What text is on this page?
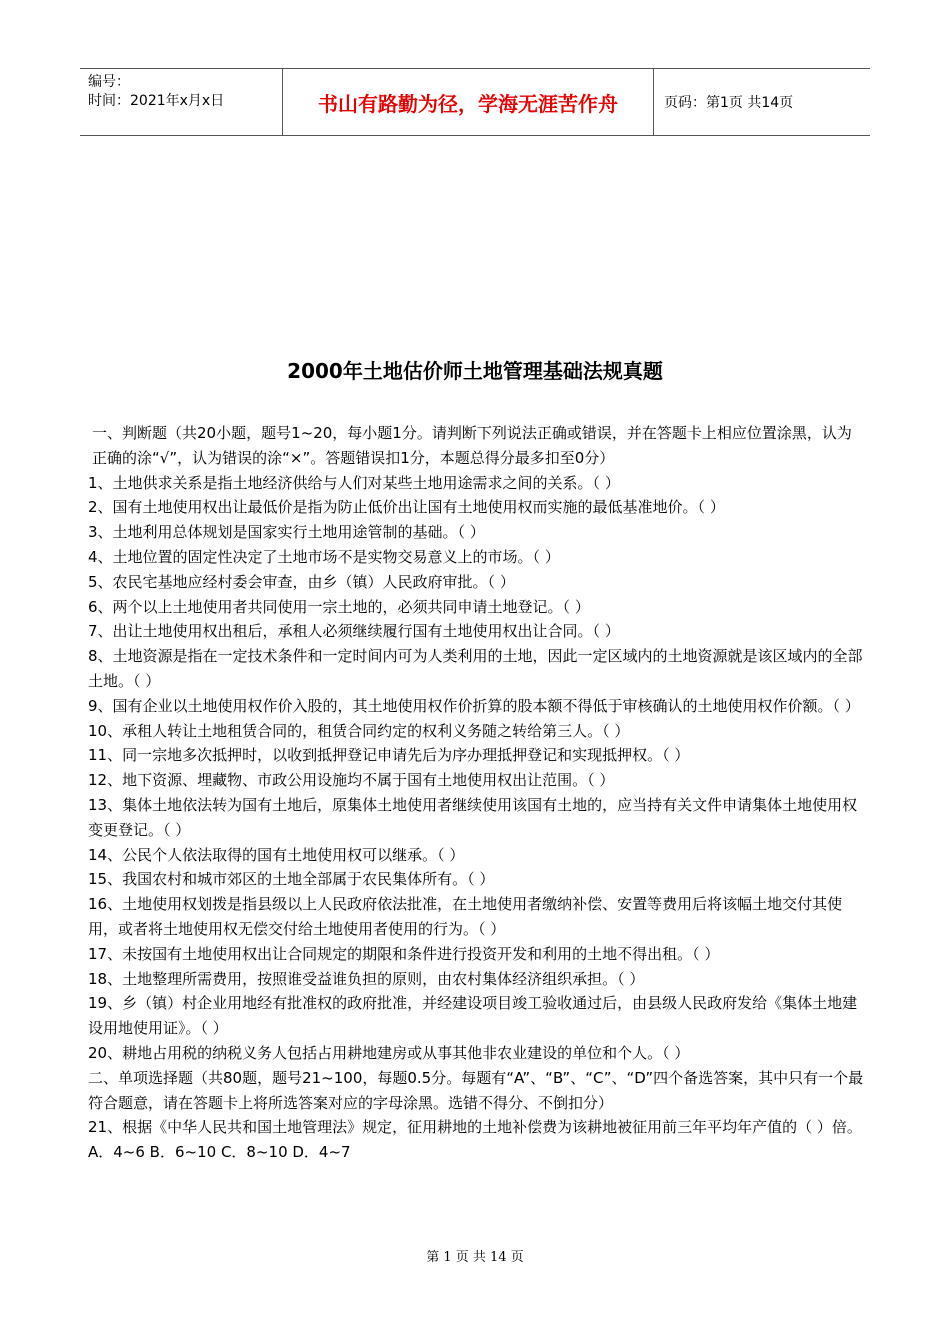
编号：
时间：2021年x月x日	书山有路勤为径，学海无涯苦作舟	页码：第1页 共14页
2000年土地估价师土地管理基础法规真题

一、判断题（共20小题，题号1~20，每小题1分。请判断下列说法正确或错误，并在答题卡上相应位置涂黑，认为正确的涂“√”，认为错误的涂“×”。答题错误扣1分，本题总得分最多扣至0分）

1、土地供求关系是指土地经济供给与人们对某些土地用途需求之间的关系。（ ）

2、国有土地使用权出让最低价是指为防止低价出让国有土地使用权而实施的最低基准地价。（ ）

3、土地利用总体规划是国家实行土地用途管制的基础。（ ）

4、土地位置的固定性决定了土地市场不是实物交易意义上的市场。（ ）

5、农民宅基地应经村委会审查，由乡（镇）人民政府审批。（ ）

6、两个以上土地使用者共同使用一宗土地的，必须共同申请土地登记。（ ）

7、出让土地使用权出租后，承租人必须继续履行国有土地使用权出让合同。（ ）

8、土地资源是指在一定技术条件和一定时间内可为人类利用的土地，因此一定区域内的土地资源就是该区域内的全部土地。（ ）

9、国有企业以土地使用权作价入股的，其土地使用权作价折算的股本额不得低于审核确认的土地使用权作价额。（ ）

10、承租人转让土地租赁合同的，租赁合同约定的权利义务随之转给第三人。（ ）

11、同一宗地多次抵押时，以收到抵押登记申请先后为序办理抵押登记和实现抵押权。（ ）

12、地下资源、埋藏物、市政公用设施均不属于国有土地使用权出让范围。（ ）

13、集体土地依法转为国有土地后，原集体土地使用者继续使用该国有土地的，应当持有关文件申请集体土地使用权变更登记。（ ）

14、公民个人依法取得的国有土地使用权可以继承。（ ）

15、我国农村和城市郊区的土地全部属于农民集体所有。（ ）

16、土地使用权划拨是指县级以上人民政府依法批准，在土地使用者缴纳补偿、安置等费用后将该幅土地交付其使用，或者将土地使用权无偿交付给土地使用者使用的行为。（ ）

17、未按国有土地使用权出让合同规定的期限和条件进行投资开发和利用的土地不得出租。（ ）

18、土地整理所需费用，按照谁受益谁负担的原则，由农村集体经济组织承担。（ ）

19、乡（镇）村企业用地经有批准权的政府批准，并经建设项目竣工验收通过后，由县级人民政府发给《集体土地建设用地使用证》。（ ）

20、耕地占用税的纳税义务人包括占用耕地建房或从事其他非农业建设的单位和个人。（ ）

二、单项选择题（共80题，题号21~100，每题0.5分。每题有“A”、“B”、“C”、“D”四个备选答案，其中只有一个最符合题意，请在答题卡上将所选答案对应的字母涂黑。选错不得分、不倒扣分）

21、根据《中华人民共和国土地管理法》规定，征用耕地的土地补偿费为该耕地被征用前三年平均年产值的（ ）倍。

A．4~6 B．6~10 C．8~10 D．4~7

第 1 页 共 14 页
